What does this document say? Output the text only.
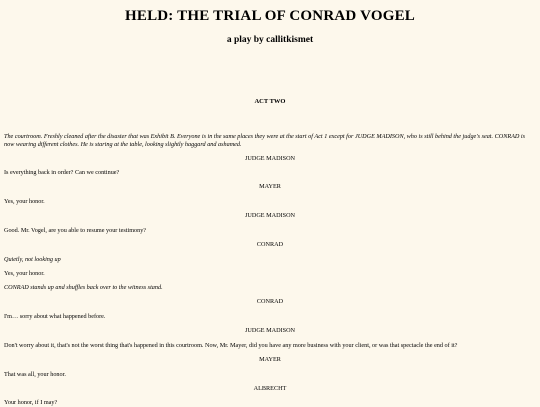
HELD: THE TRIAL OF CONRAD VOGEL
a play by callitkismet
ACT TWO
The courtroom. Freshly cleaned after the disaster that was Exhibit B. Everyone is in the same places they were at the start of Act 1 except for JUDGE MADISON, who is still behind the judge's seat. CONRAD is now wearing different clothes. He is staring at the table, looking slightly haggard and ashamed.
JUDGE MADISON
Is everything back in order? Can we continue?
MAYER
Yes, your honor.
JUDGE MADISON
Good. Mr. Vogel, are you able to resume your testimony?
CONRAD
Quietly, not looking up
Yes, your honor.
CONRAD stands up and shuffles back over to the witness stand.
CONRAD
I'm… sorry about what happened before.
JUDGE MADISON
Don't worry about it, that's not the worst thing that's happened in this courtroom. Now, Mr. Mayer, did you have any more business with your client, or was that spectacle the end of it?
MAYER
That was all, your honor.
ALBRECHT
Your honor, if I may?
